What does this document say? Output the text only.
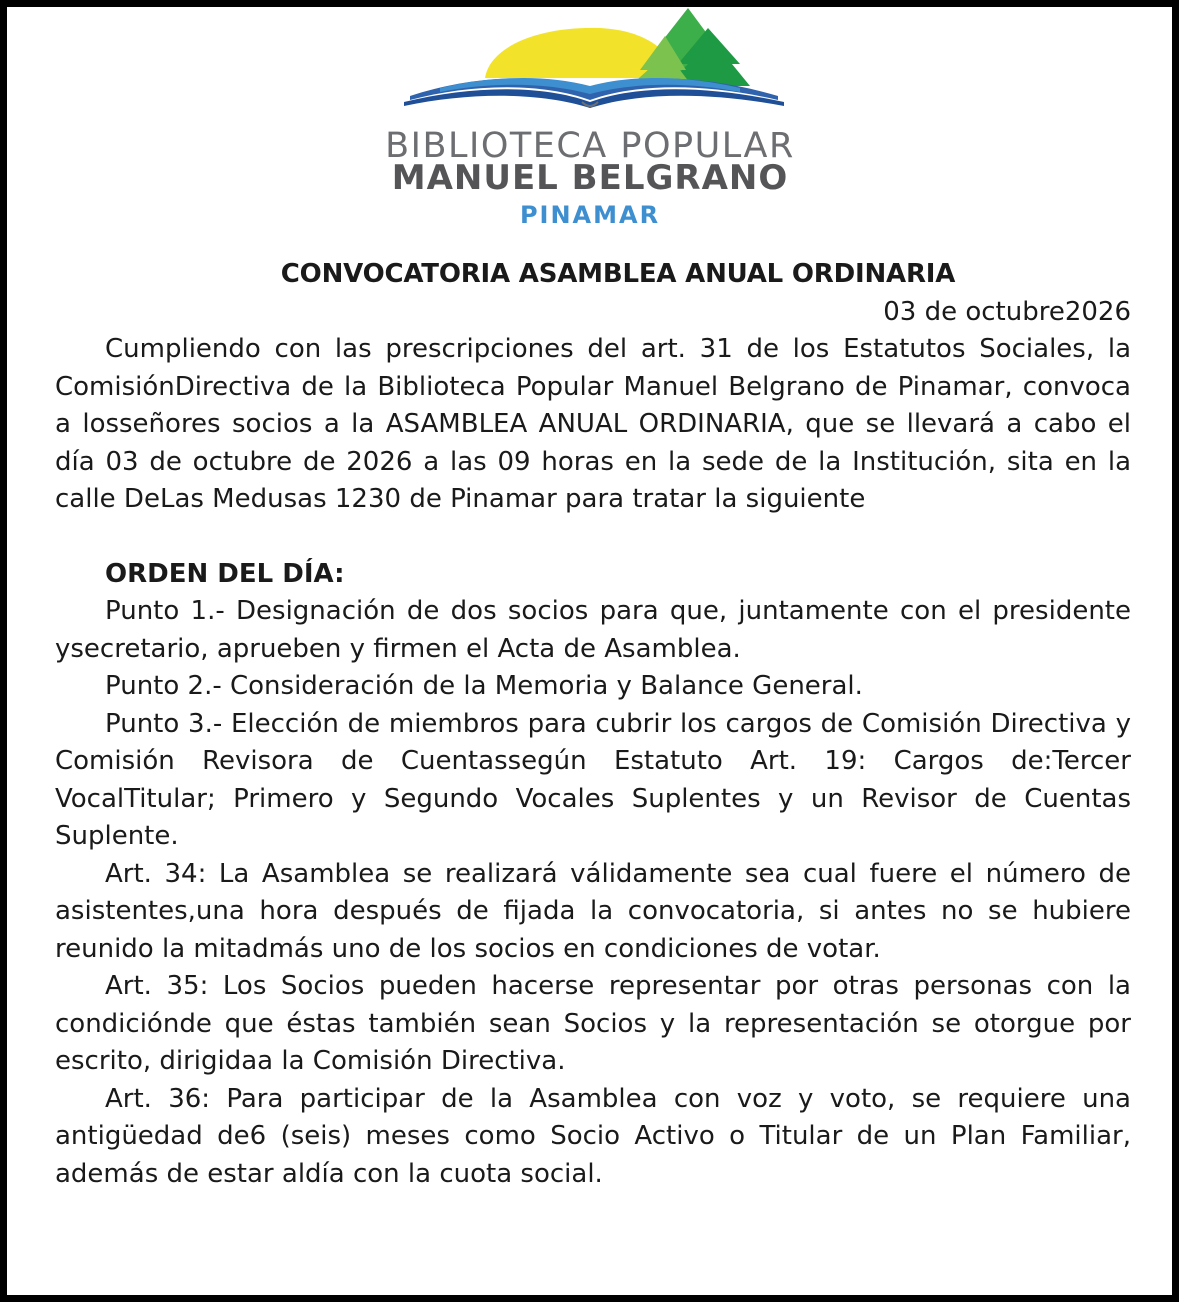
BIBLIOTECA POPULAR
MANUEL BELGRANO
PINAMAR
CONVOCATORIA ASAMBLEA ANUAL ORDINARIA
03 de octubre2026

Cumpliendo con las prescripciones del art. 31 de los Estatutos Sociales, la ComisiónDirectiva de la Biblioteca Popular Manuel Belgrano de Pinamar, convoca a losseñores socios a la ASAMBLEA ANUAL ORDINARIA, que se llevará a cabo el día 03 de octubre de 2026 a las 09 horas en la sede de la Institución, sita en la calle DeLas Medusas 1230 de Pinamar para tratar la siguiente

ORDEN DEL DÍA:

Punto 1.- Designación de dos socios para que, juntamente con el presidente ysecretario, aprueben y firmen el Acta de Asamblea.

Punto 2.- Consideración de la Memoria y Balance General.

Punto 3.- Elección de miembros para cubrir los cargos de Comisión Directiva y Comisión Revisora de Cuentassegún Estatuto Art. 19: Cargos de:Tercer VocalTitular; Primero y Segundo Vocales Suplentes y un Revisor de Cuentas Suplente.

Art. 34: La Asamblea se realizará válidamente sea cual fuere el número de asistentes,una hora después de fijada la convocatoria, si antes no se hubiere reunido la mitadmás uno de los socios en condiciones de votar.

Art. 35: Los Socios pueden hacerse representar por otras personas con la condiciónde que éstas también sean Socios y la representación se otorgue por escrito, dirigidaa la Comisión Directiva.

Art. 36: Para participar de la Asamblea con voz y voto, se requiere una antigüedad de6 (seis) meses como Socio Activo o Titular de un Plan Familiar, además de estar aldía con la cuota social.
